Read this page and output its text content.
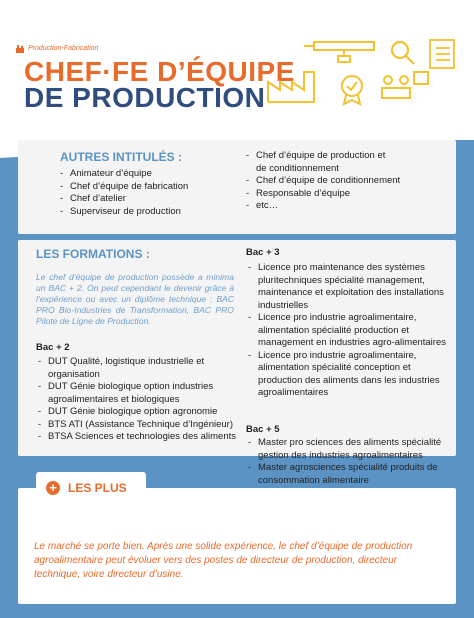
Production-Fabrication
CHEF·FE D’ÉQUIPE
DE PRODUCTION
AUTRES INTITULÉS :
- Animateur d’équipe
- Chef d’équipe de fabrication
- Chef d’atelier
- Superviseur de production
- Chef d’équipe de production et
de conditionnement
- Chef d’équipe de conditionnement
- Responsable d’équipe
- etc…
LES FORMATIONS :
Le chef d’équipe de production possède a minima un BAC + 2. On peut cependant le devenir grâce à l’expérience ou avec un diplôme technique : BAC PRO Bio-Industries de Transformation, BAC PRO Pilote de Ligne de Production.
Bac + 2
- DUT Qualité, logistique industrielle et organisation
- DUT Génie biologique option industries agroalimentaires et biologiques
- DUT Génie biologique option agronomie
- BTS ATI (Assistance Technique d’Ingénieur)
- BTSA Sciences et technologies des aliments
Bac + 3
- Licence pro maintenance des systèmes pluritechniques spécialité management, maintenance et exploitation des installations industrielles
- Licence pro industrie agroalimentaire, alimentation spécialité production et management en industries agro-alimentaires
- Licence pro industrie agroalimentaire, alimentation spécialité conception et production des aliments dans les industries agroalimentaires
Bac + 5
- Master pro sciences des aliments spécialité gestion des industries agroalimentaires
- Master agrosciences spécialité produits de consommation alimentaire
-
+ LES PLUS
Le marché se porte bien. Après une solide expérience, le chef d’équipe de production agroalimentaire peut évoluer vers des postes de directeur de production, directeur technique, voire directeur d’usine.
